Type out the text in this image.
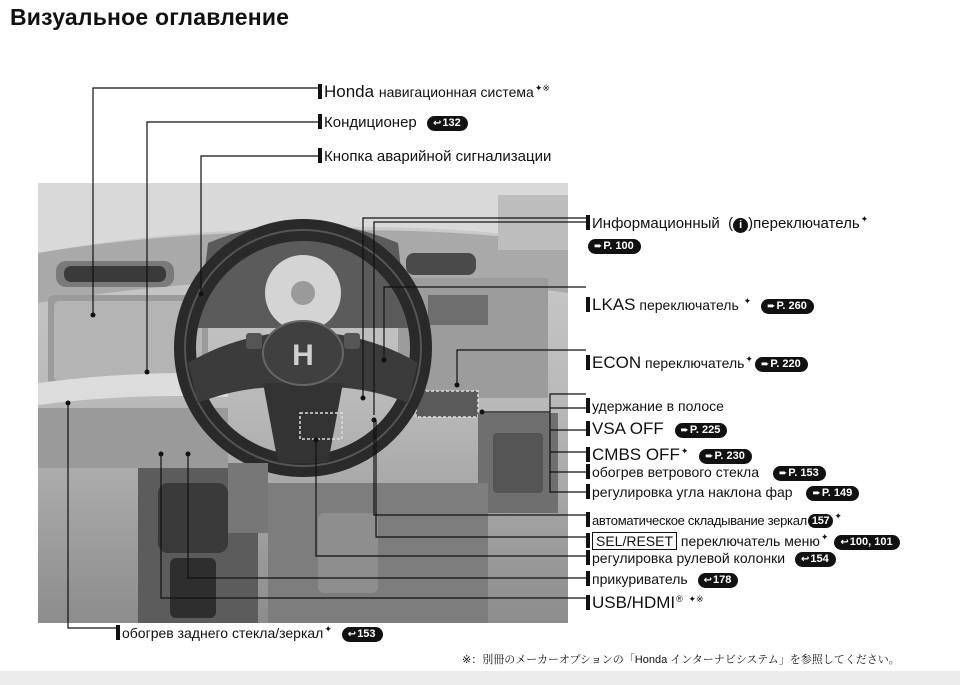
Визуальное оглавление
H
Honda навигационная система✦※
Кондиционер ↩132
Кнопка аварийной сигнализации
Информационный  ( i )переключатель✦
➨P. 100
LKAS переключатель ✦ ➨P. 260
ECON переключатель✦ ➨P. 220
удержание в полосе
VSA OFF ➨P. 225
CMBS OFF✦ ➨P. 230
обогрев ветрового стекла ➨P. 153
регулировка угла наклона фар ➨P. 149
автоматическое складывание зеркал 157 ✦
SEL/RESET переключатель меню✦ ↩100, 101
регулировка рулевой колонки ↩154
прикуриватель ↩178
USB/HDMI® ✦※
обогрев заднего стекла/зеркал✦ ↩153
※：別冊のメーカーオプションの「Honda インターナビシステム」を参照してください。
